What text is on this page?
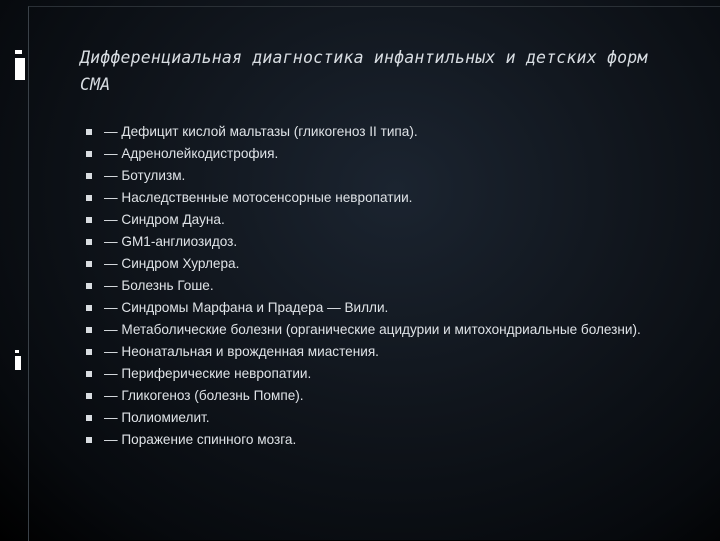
Дифференциальная диагностика инфантильных и детских форм СМА
— Дефицит кислой мальтазы (гликогеноз II типа).
— Адренолейкодистрофия.
— Ботулизм.
— Наследственные мотосенсорные невропатии.
— Синдром Дауна.
— GM1-англиозидоз.
— Синдром Хурлера.
— Болезнь Гоше.
— Синдромы Марфана и Прадера — Вилли.
— Метаболические болезни (органические ацидурии и митохондриальные болезни).
— Неонатальная и врожденная миастения.
— Периферические невропатии.
— Гликогеноз (болезнь Помпе).
— Полиомиелит.
— Поражение спинного мозга.
